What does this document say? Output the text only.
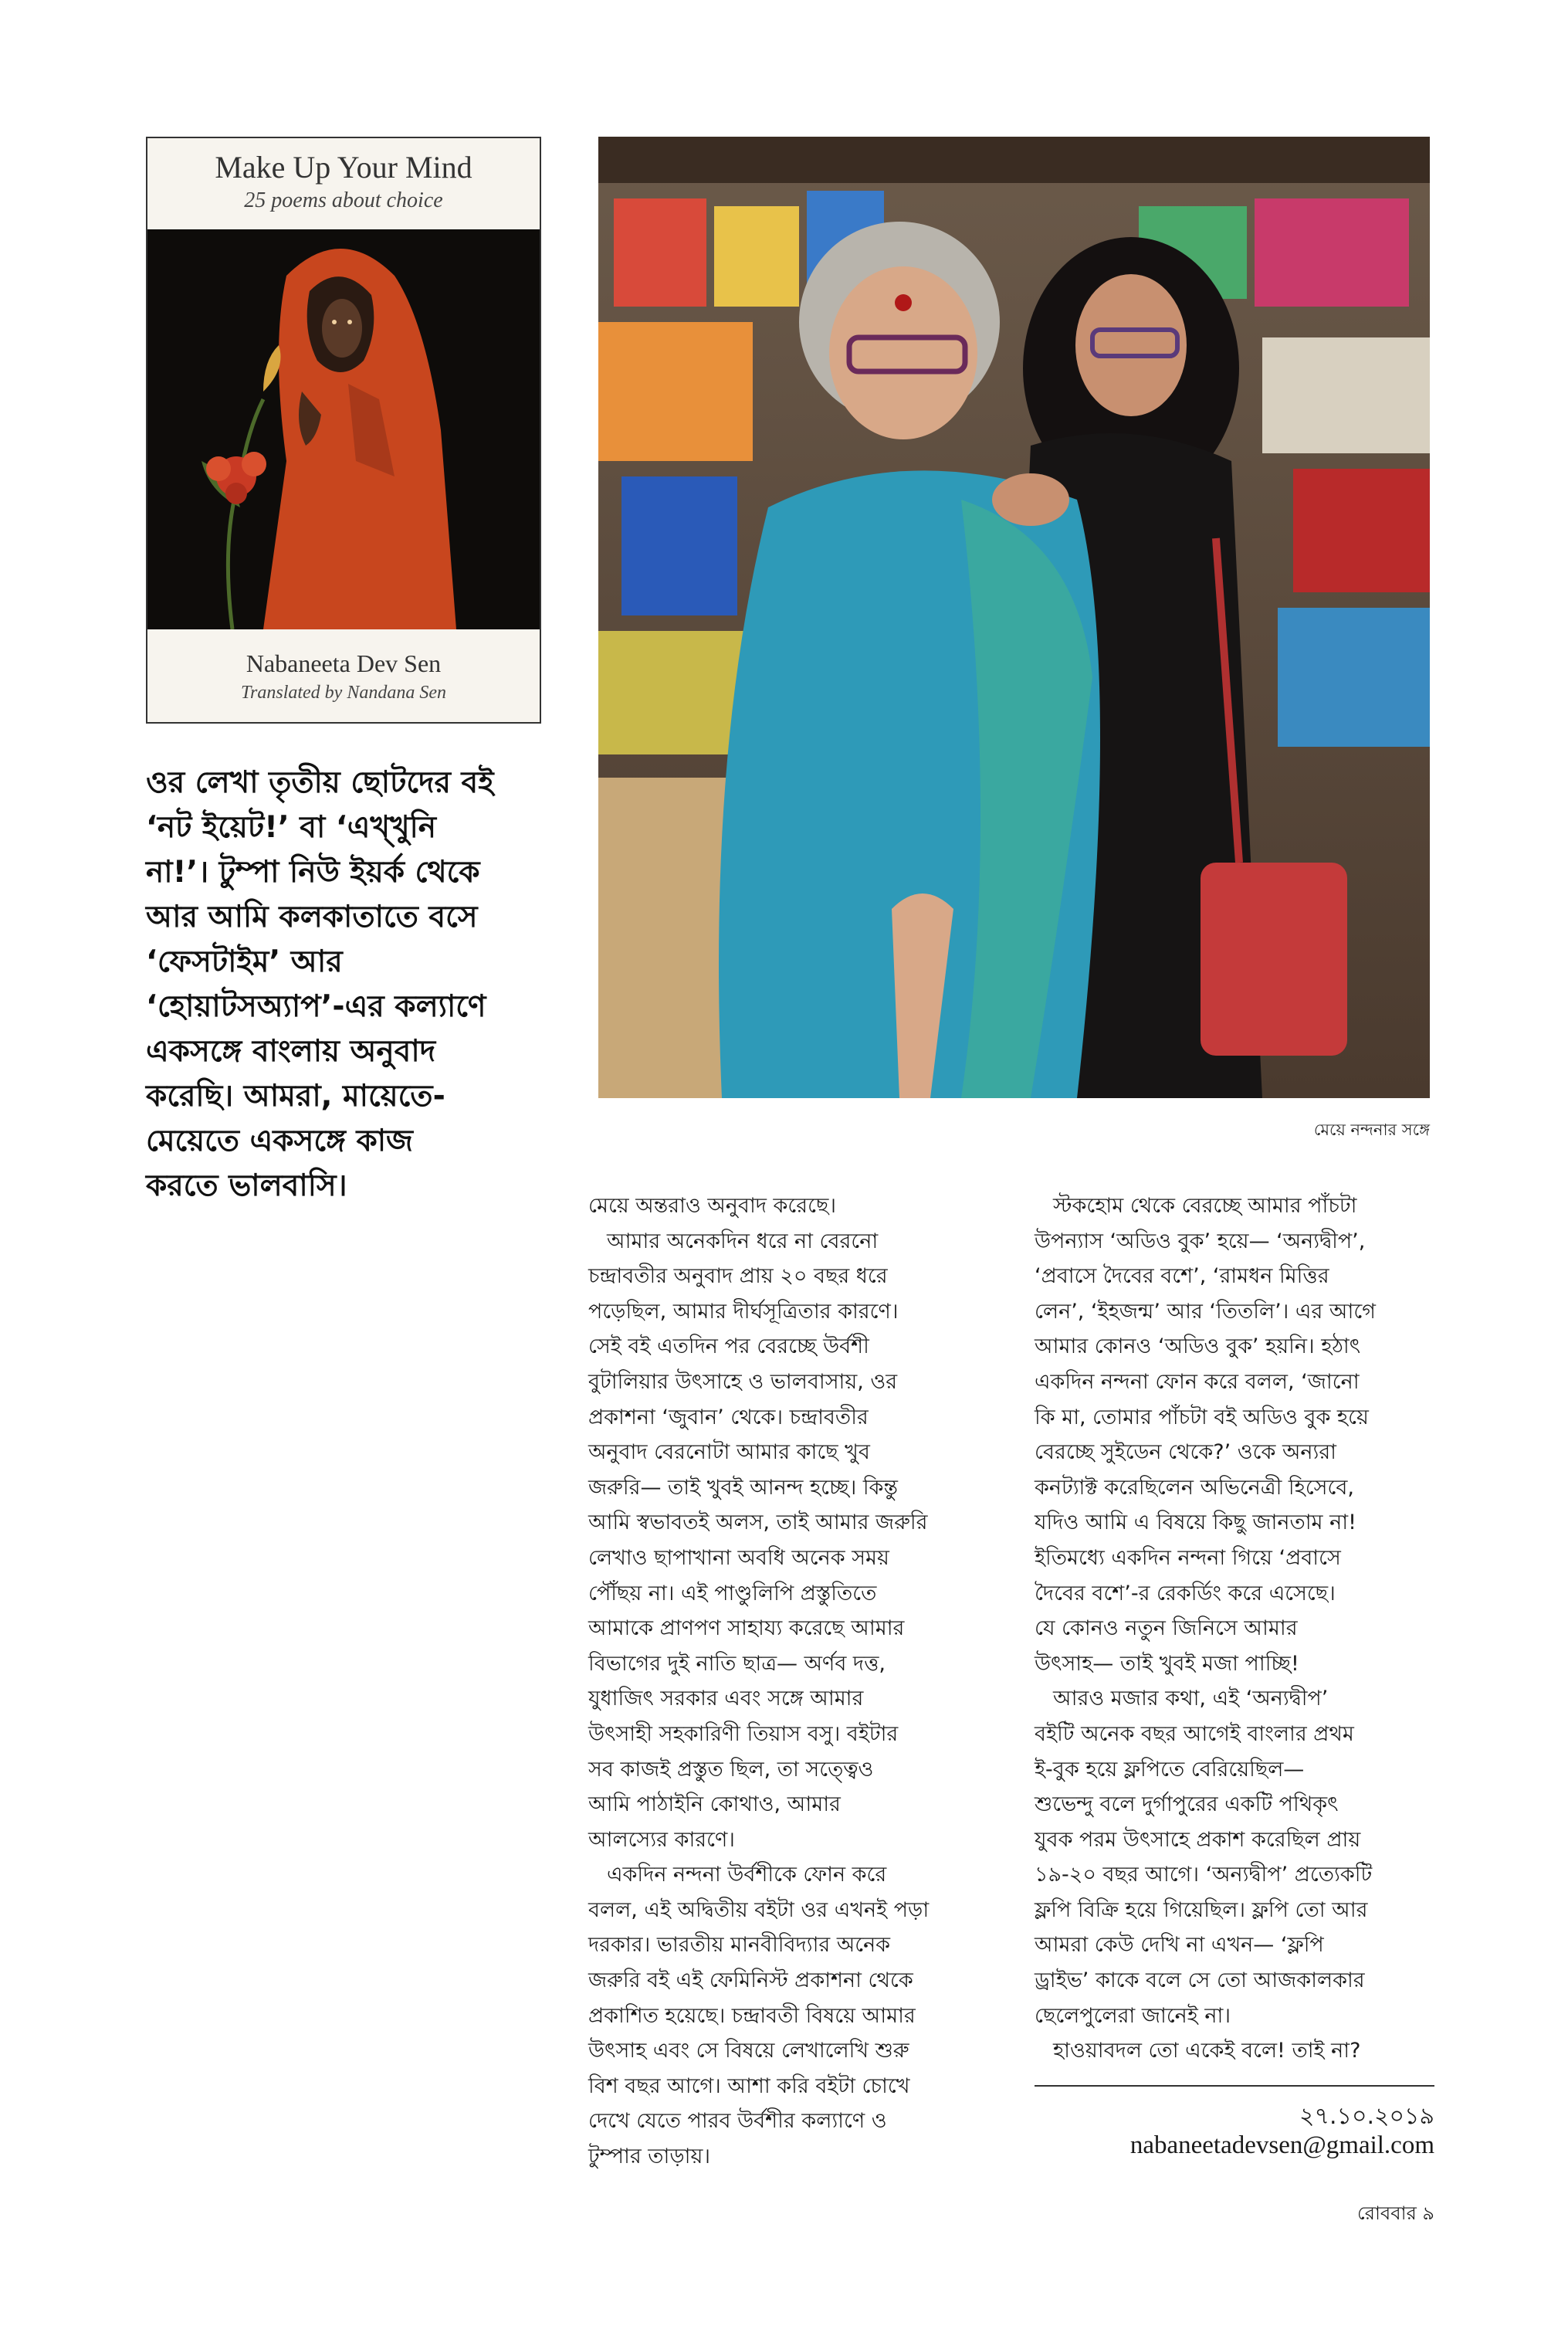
Make Up Your Mind
25 poems about choice
Nabaneeta Dev Sen
Translated by Nandana Sen
ওর লেখা তৃতীয় ছোটদের বই
‘নট ইয়েট!’ বা ‘এখ্‌খুনি
না!’। টুম্পা নিউ ইয়র্ক থেকে
আর আমি কলকাতাতে বসে
‘ফেসটাইম’ আর
‘হোয়াটসঅ্যাপ’-এর কল্যাণে
একসঙ্গে বাংলায় অনুবাদ
করেছি। আমরা, মায়েতে-
মেয়েতে একসঙ্গে কাজ
করতে ভালবাসি।
মেয়ে নন্দনার সঙ্গে
মেয়ে অন্তরাও অনুবাদ করেছে।
আমার অনেকদিন ধরে না বেরনো
চন্দ্রাবতীর অনুবাদ প্রায় ২০ বছর ধরে
পড়েছিল, আমার দীর্ঘসূত্রিতার কারণে।
সেই বই এতদিন পর বেরচ্ছে উর্বশী
বুটালিয়ার উৎসাহে ও ভালবাসায়, ওর
প্রকাশনা ‘জুবান’ থেকে। চন্দ্রাবতীর
অনুবাদ বেরনোটা আমার কাছে খুব
জরুরি— তাই খুবই আনন্দ হচ্ছে। কিন্তু
আমি স্বভাবতই অলস, তাই আমার জরুরি
লেখাও ছাপাখানা অবধি অনেক সময়
পৌঁছয় না। এই পাণ্ডুলিপি প্রস্তুতিতে
আমাকে প্রাণপণ সাহায্য করেছে আমার
বিভাগের দুই নাতি ছাত্র— অর্ণব দত্ত,
যুধাজিৎ সরকার এবং সঙ্গে আমার
উৎসাহী সহকারিণী তিয়াস বসু। বইটার
সব কাজই প্রস্তুত ছিল, তা সত্ত্বেও
আমি পাঠাইনি কোথাও, আমার
আলস্যের কারণে।
একদিন নন্দনা উর্বশীকে ফোন করে
বলল, এই অদ্বিতীয় বইটা ওর এখনই পড়া
দরকার। ভারতীয় মানবীবিদ্যার অনেক
জরুরি বই এই ফেমিনিস্ট প্রকাশনা থেকে
প্রকাশিত হয়েছে। চন্দ্রাবতী বিষয়ে আমার
উৎসাহ এবং সে বিষয়ে লেখালেখি শুরু
বিশ বছর আগে। আশা করি বইটা চোখে
দেখে যেতে পারব উর্বশীর কল্যাণে ও
টুম্পার তাড়ায়।
স্টকহোম থেকে বেরচ্ছে আমার পাঁচটা
উপন্যাস ‘অডিও বুক’ হয়ে— ‘অন্যদ্বীপ’,
‘প্রবাসে দৈবের বশে’, ‘রামধন মিত্তির
লেন’, ‘ইহজন্ম’ আর ‘তিতলি’। এর আগে
আমার কোনও ‘অডিও বুক’ হয়নি। হঠাৎ
একদিন নন্দনা ফোন করে বলল, ‘জানো
কি মা, তোমার পাঁচটা বই অডিও বুক হয়ে
বেরচ্ছে সুইডেন থেকে?’ ওকে অন্যরা
কনট্যাক্ট করেছিলেন অভিনেত্রী হিসেবে,
যদিও আমি এ বিষয়ে কিছু জানতাম না!
ইতিমধ্যে একদিন নন্দনা গিয়ে ‘প্রবাসে
দৈবের বশে’-র রেকর্ডিং করে এসেছে।
যে কোনও নতুন জিনিসে আমার
উৎসাহ— তাই খুবই মজা পাচ্ছি!
আরও মজার কথা, এই ‘অন্যদ্বীপ’
বইটি অনেক বছর আগেই বাংলার প্রথম
ই-বুক হয়ে ফ্লপিতে বেরিয়েছিল—
শুভেন্দু বলে দুর্গাপুরের একটি পথিকৃৎ
যুবক পরম উৎসাহে প্রকাশ করেছিল প্রায়
১৯-২০ বছর আগে। ‘অন্যদ্বীপ’ প্রত্যেকটি
ফ্লপি বিক্রি হয়ে গিয়েছিল। ফ্লপি তো আর
আমরা কেউ দেখি না এখন— ‘ফ্লপি
ড্রাইভ’ কাকে বলে সে তো আজকালকার
ছেলেপুলেরা জানেই না।
হাওয়াবদল তো একেই বলে! তাই না?
২৭.১০.২০১৯
nabaneetadevsen@gmail.com
রোববার ৯
